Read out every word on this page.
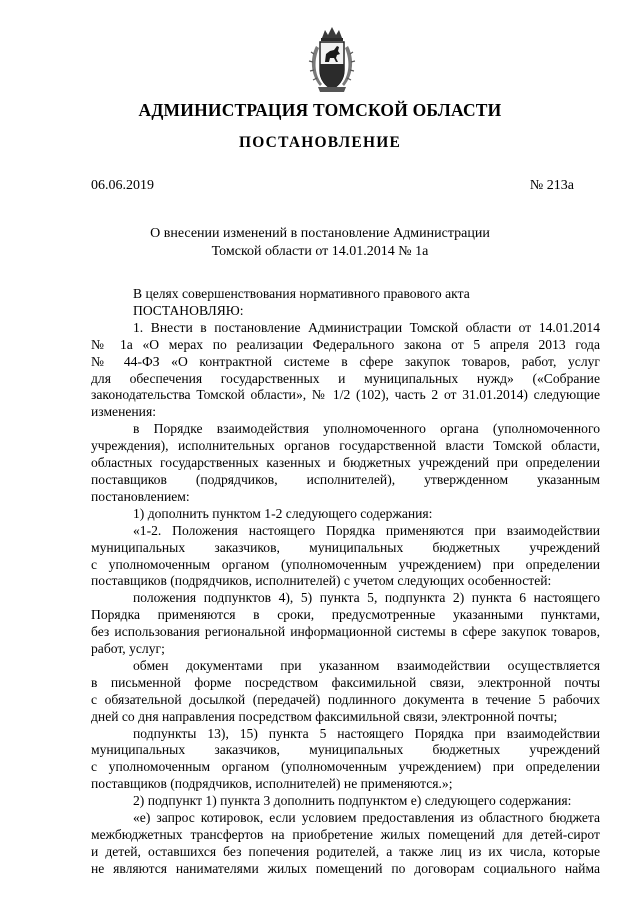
АДМИНИСТРАЦИЯ ТОМСКОЙ ОБЛАСТИ
ПОСТАНОВЛЕНИЕ
06.06.2019	№ 213а
О внесении изменений в постановление Администрации
Томской области от 14.01.2014 № 1а
В целях совершенствования нормативного правового акта
ПОСТАНОВЛЯЮ:
1. Внести в постановление Администрации Томской области от 14.01.2014
№ 1а «О мерах по реализации Федерального закона от 5 апреля 2013 года
№ 44-ФЗ «О контрактной системе в сфере закупок товаров, работ, услуг
для обеспечения государственных и муниципальных нужд» («Собрание
законодательства Томской области», № 1/2 (102), часть 2 от 31.01.2014) следующие
изменения:
в Порядке взаимодействия уполномоченного органа (уполномоченного
учреждения), исполнительных органов государственной власти Томской области,
областных государственных казенных и бюджетных учреждений при определении
поставщиков (подрядчиков, исполнителей), утвержденном указанным
постановлением:
1) дополнить пунктом 1-2 следующего содержания:
«1-2. Положения настоящего Порядка применяются при взаимодействии
муниципальных заказчиков, муниципальных бюджетных учреждений
с уполномоченным органом (уполномоченным учреждением) при определении
поставщиков (подрядчиков, исполнителей) с учетом следующих особенностей:
положения подпунктов 4), 5) пункта 5, подпункта 2) пункта 6 настоящего
Порядка применяются в сроки, предусмотренные указанными пунктами,
без использования региональной информационной системы в сфере закупок товаров,
работ, услуг;
обмен документами при указанном взаимодействии осуществляется
в письменной форме посредством факсимильной связи, электронной почты
с обязательной досылкой (передачей) подлинного документа в течение 5 рабочих
дней со дня направления посредством факсимильной связи, электронной почты;
подпункты 13), 15) пункта 5 настоящего Порядка при взаимодействии
муниципальных заказчиков, муниципальных бюджетных учреждений
с уполномоченным органом (уполномоченным учреждением) при определении
поставщиков (подрядчиков, исполнителей) не применяются.»;
2) подпункт 1) пункта 3 дополнить подпунктом е) следующего содержания:
«е) запрос котировок, если условием предоставления из областного бюджета
межбюджетных трансфертов на приобретение жилых помещений для детей-сирот
и детей, оставшихся без попечения родителей, а также лиц из их числа, которые
не являются нанимателями жилых помещений по договорам социального найма
